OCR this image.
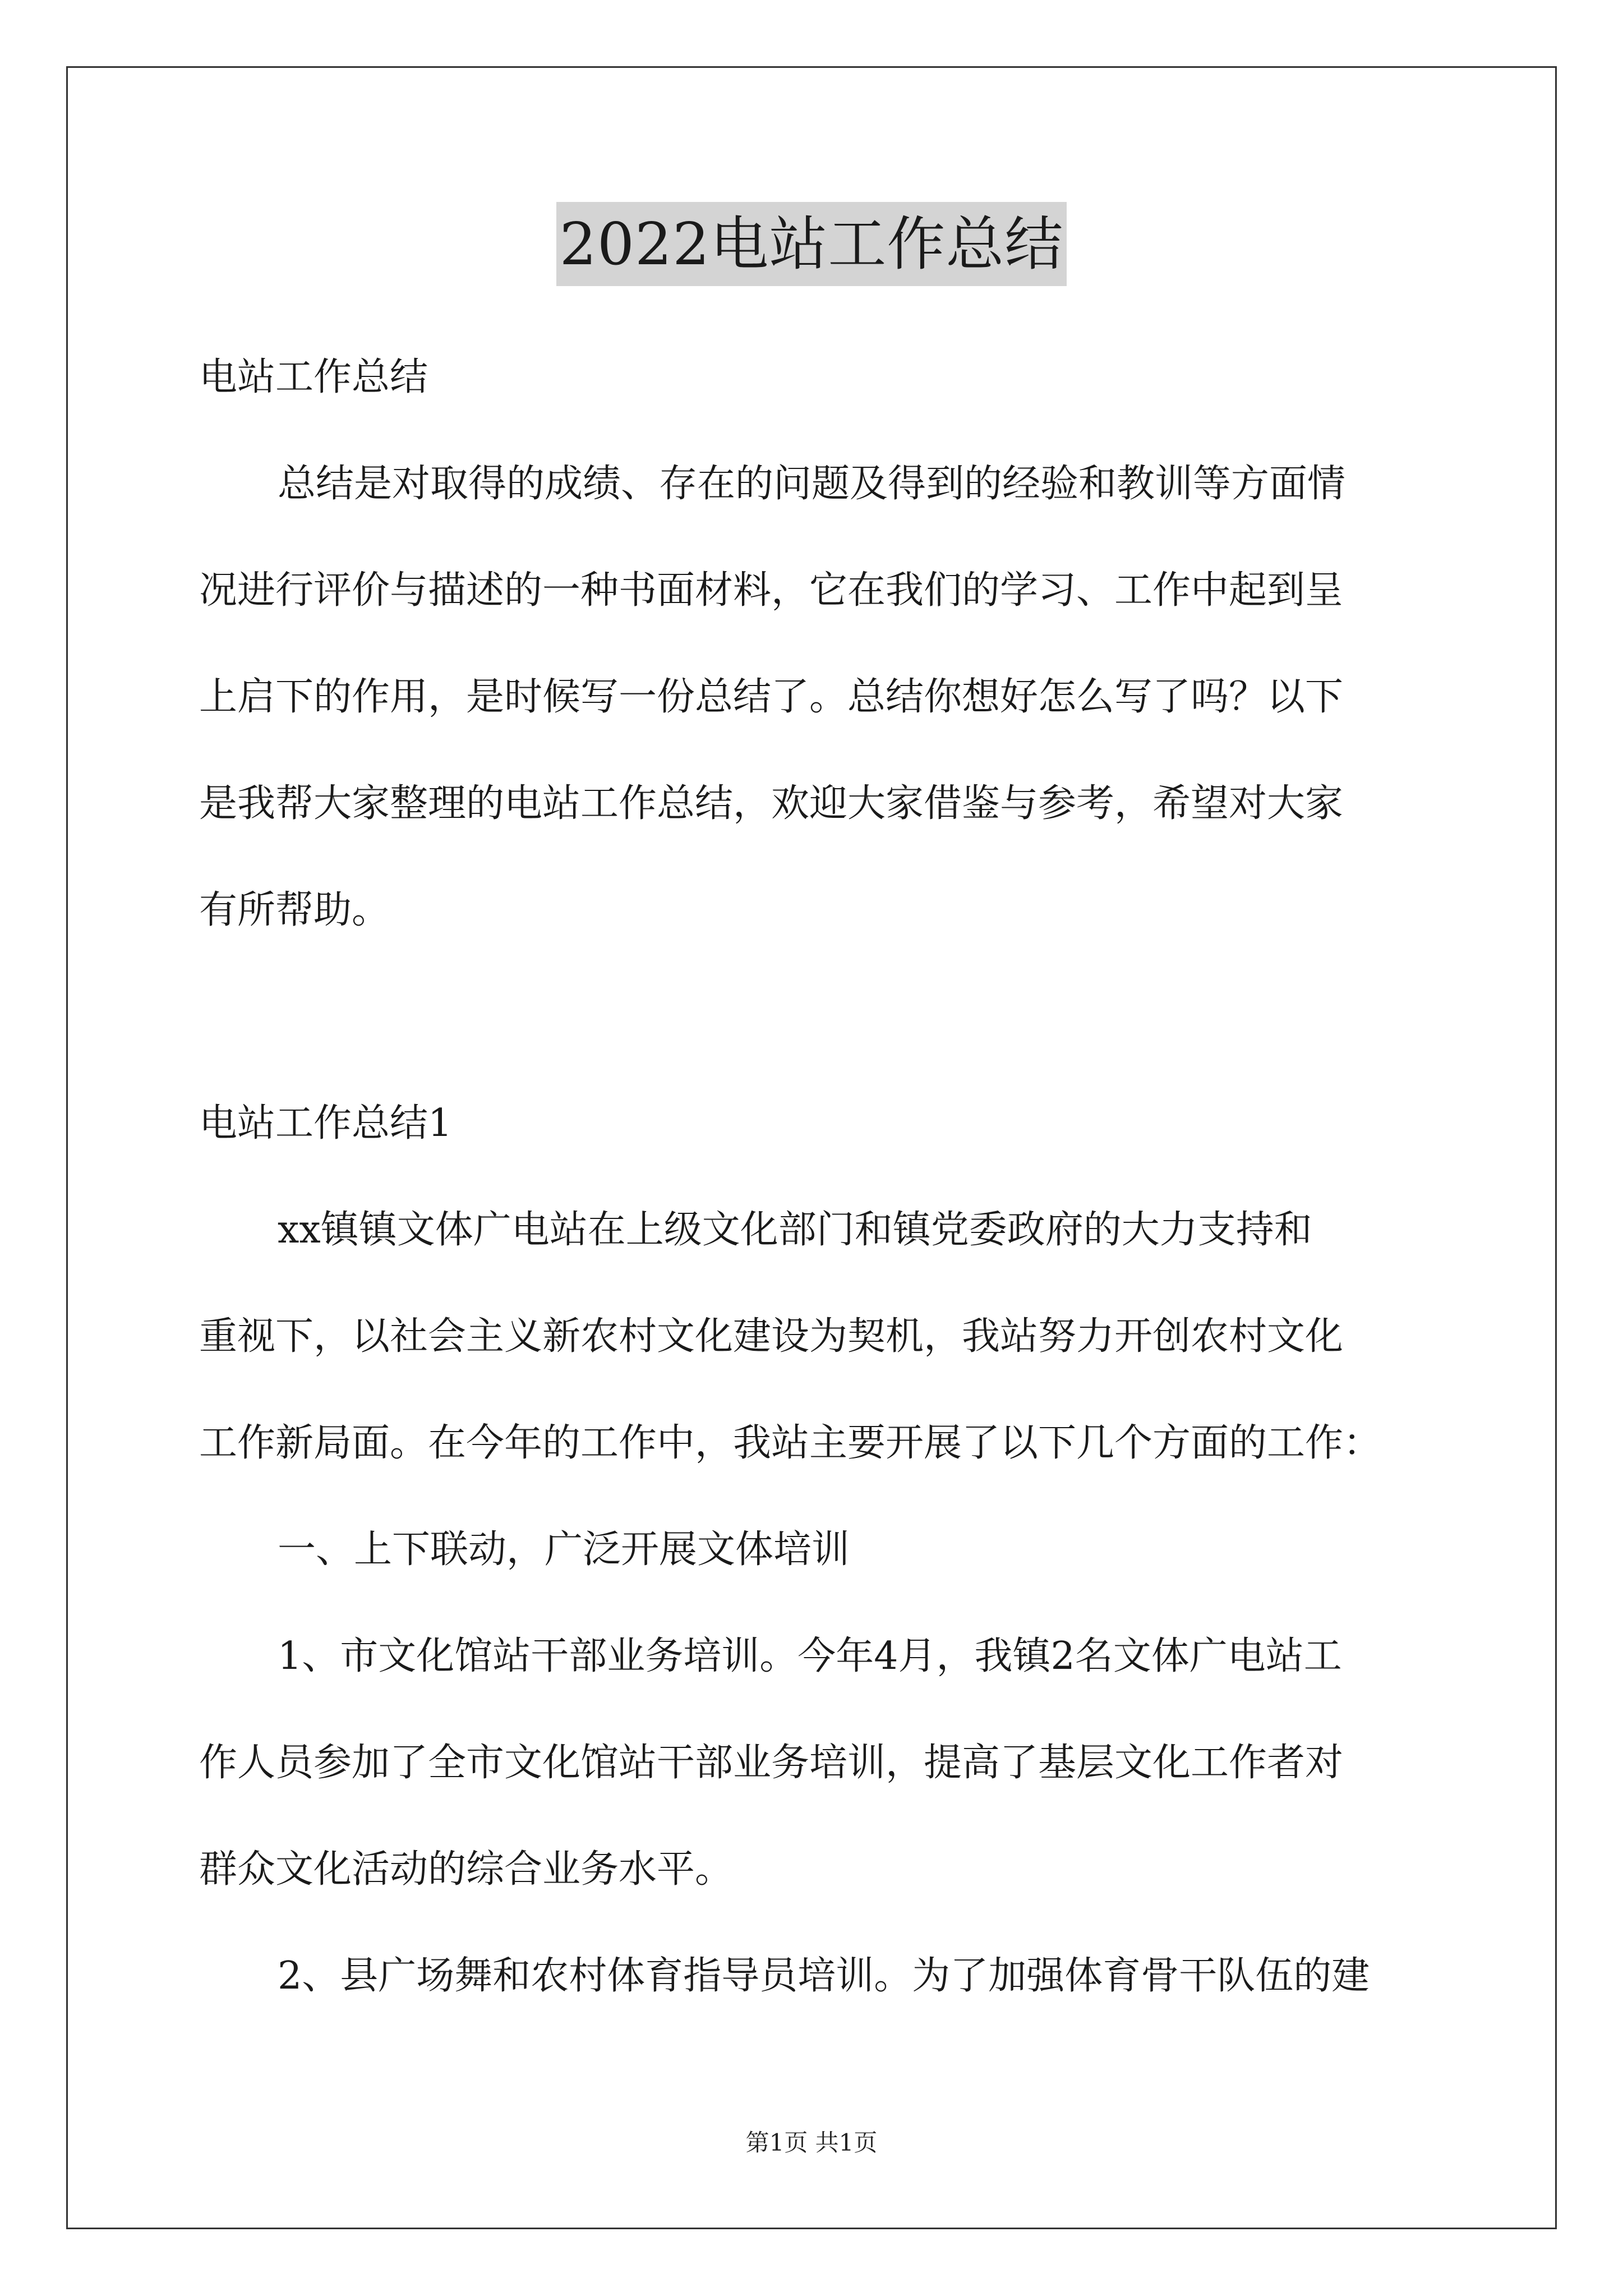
2022电站工作总结
电站工作总结
总结是对取得的成绩、存在的问题及得到的经验和教训等方面情
况进行评价与描述的一种书面材料，它在我们的学习、工作中起到呈
上启下的作用，是时候写一份总结了。总结你想好怎么写了吗？以下
是我帮大家整理的电站工作总结，欢迎大家借鉴与参考，希望对大家
有所帮助。
电站工作总结1
xx镇镇文体广电站在上级文化部门和镇党委政府的大力支持和
重视下，以社会主义新农村文化建设为契机，我站努力开创农村文化
工作新局面。在今年的工作中，我站主要开展了以下几个方面的工作：
一、上下联动，广泛开展文体培训
1、市文化馆站干部业务培训。今年4月，我镇2名文体广电站工
作人员参加了全市文化馆站干部业务培训，提高了基层文化工作者对
群众文化活动的综合业务水平。
2、县广场舞和农村体育指导员培训。为了加强体育骨干队伍的建
第1页 共1页
